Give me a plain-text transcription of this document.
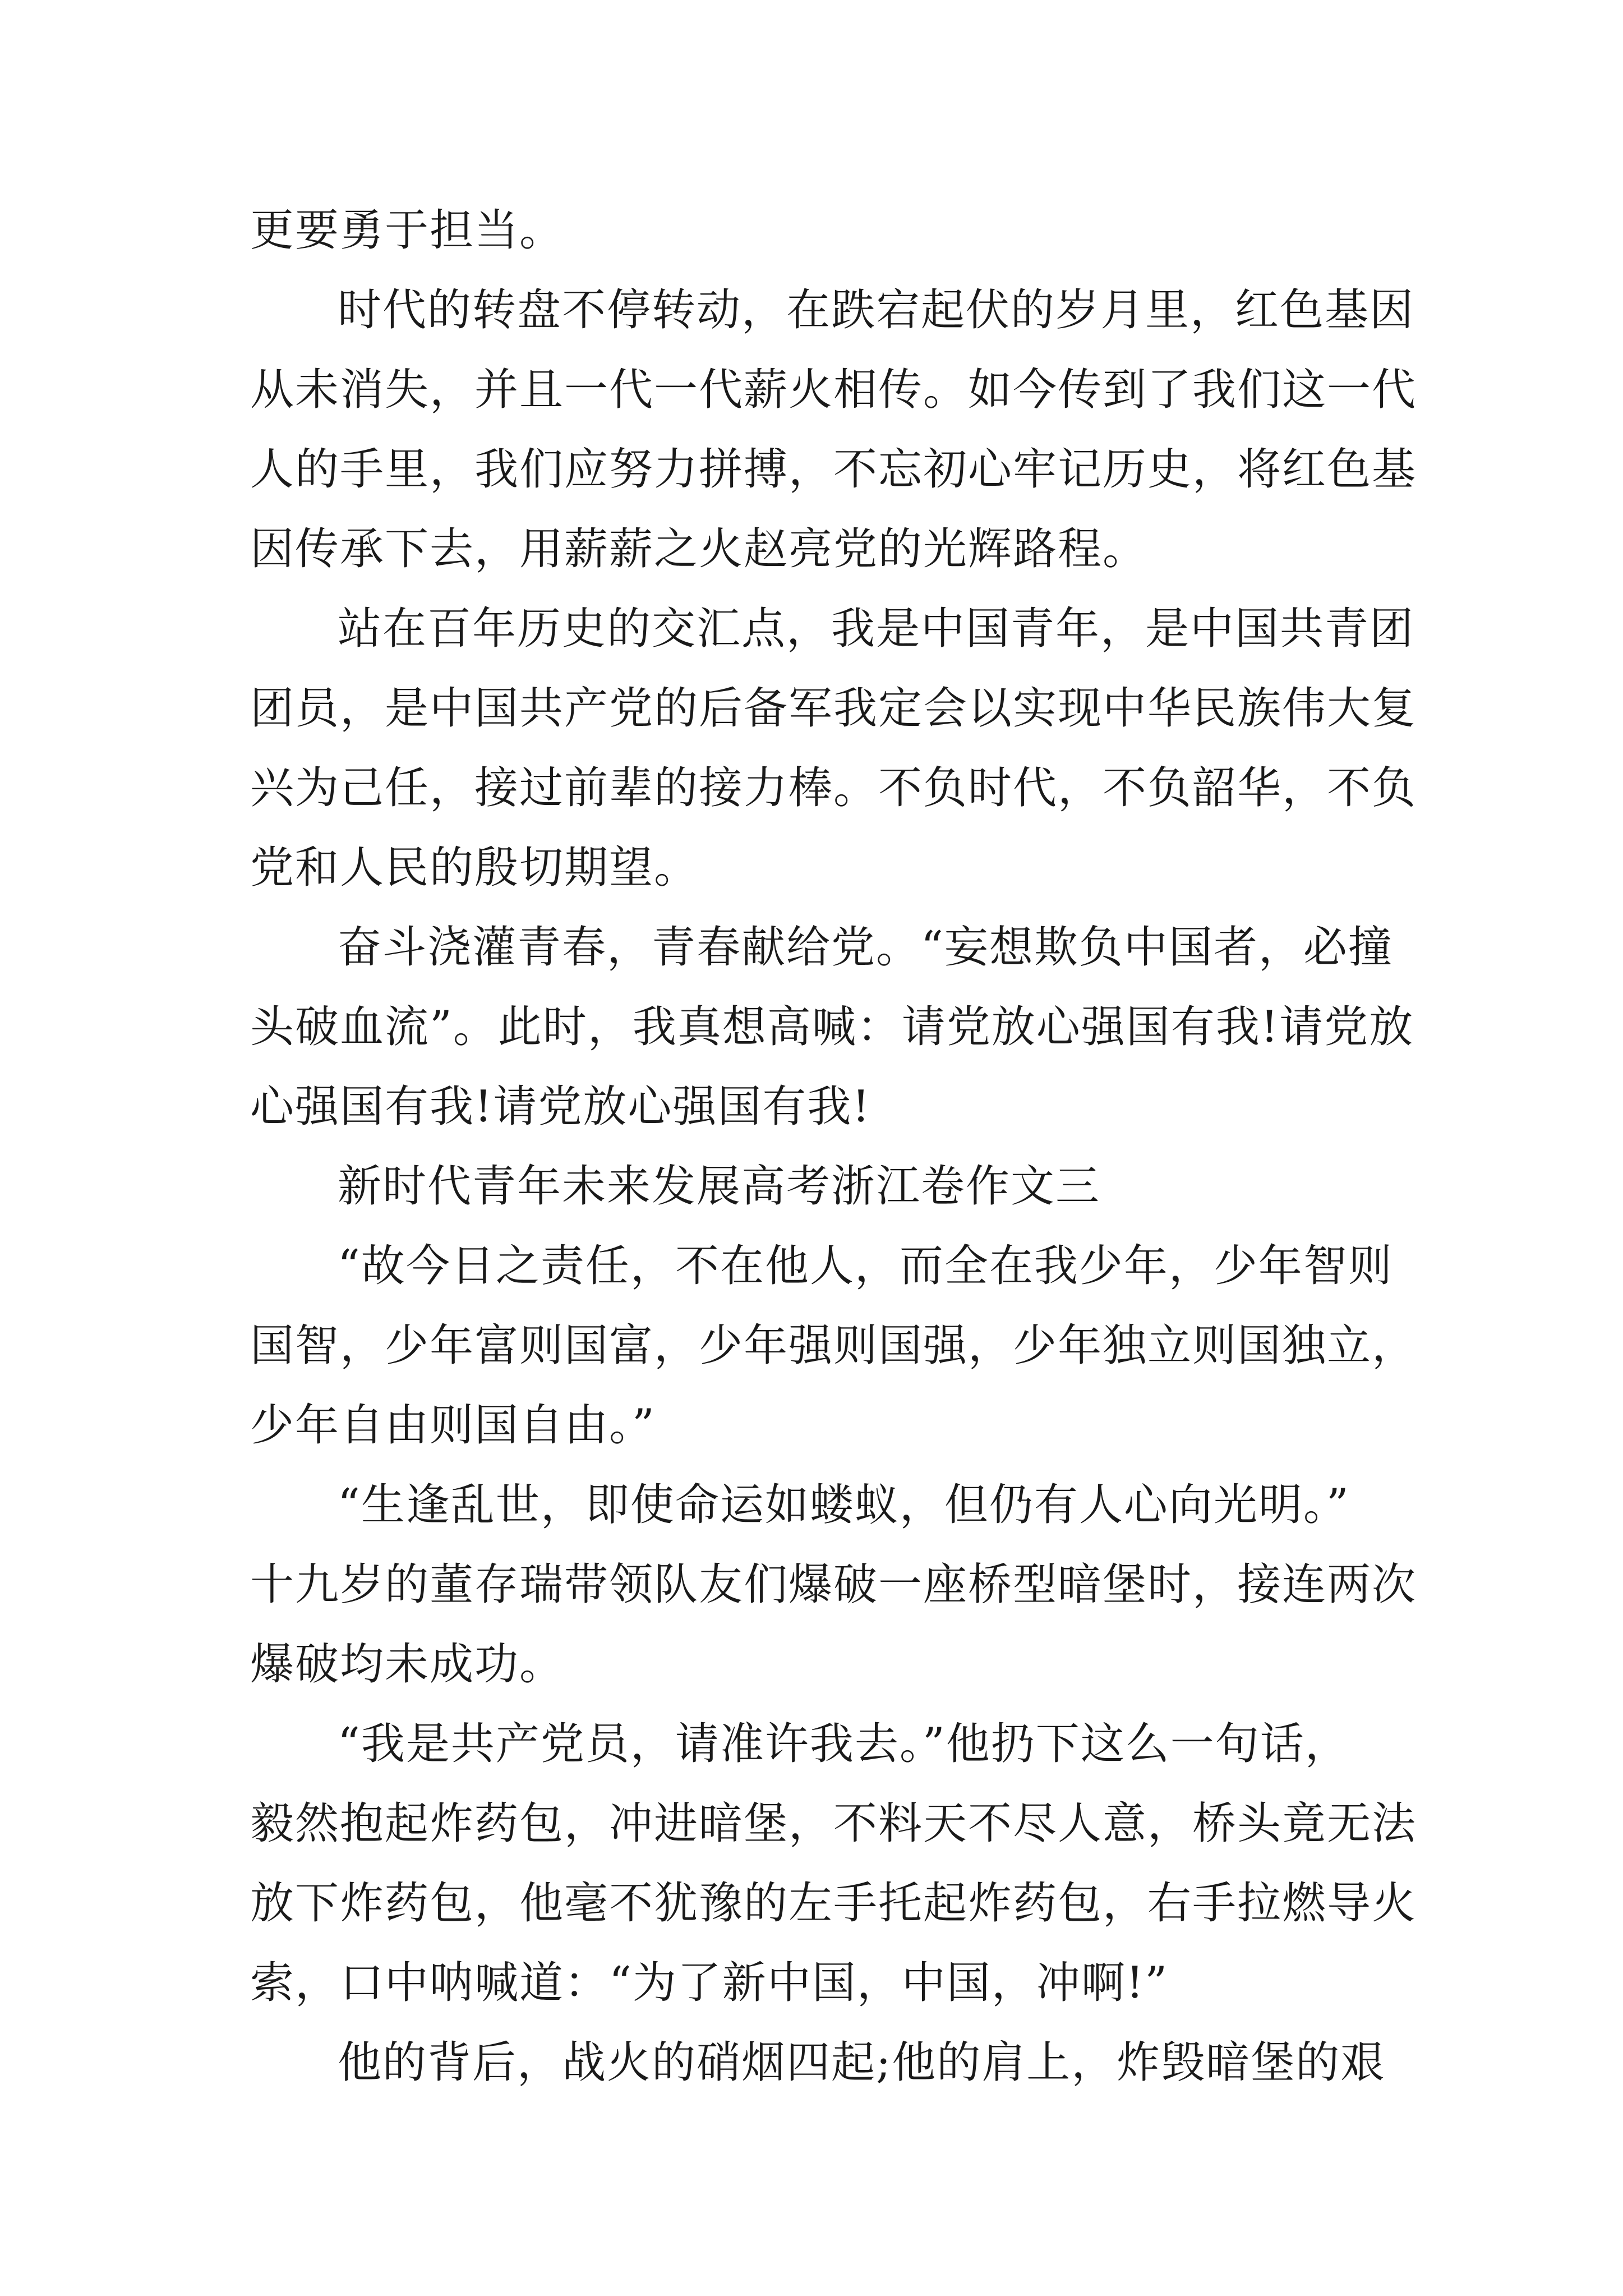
更要勇于担当。
时代的转盘不停转动，在跌宕起伏的岁月里，红色基因
从未消失，并且一代一代薪火相传。如今传到了我们这一代
人的手里，我们应努力拼搏，不忘初心牢记历史，将红色基
因传承下去，用薪薪之火赵亮党的光辉路程。
站在百年历史的交汇点，我是中国青年，是中国共青团
团员，是中国共产党的后备军我定会以实现中华民族伟大复
兴为己任，接过前辈的接力棒。不负时代，不负韶华，不负
党和人民的殷切期望。
奋斗浇灌青春，青春献给党。“妄想欺负中国者，必撞
头破血流”。此时，我真想高喊：请党放心强国有我!请党放
心强国有我!请党放心强国有我!
新时代青年未来发展高考浙江卷作文三
“故今日之责任，不在他人，而全在我少年，少年智则
国智，少年富则国富，少年强则国强，少年独立则国独立，
少年自由则国自由。”
“生逢乱世，即使命运如蝼蚁，但仍有人心向光明。”
十九岁的董存瑞带领队友们爆破一座桥型暗堡时，接连两次
爆破均未成功。
“我是共产党员，请准许我去。”他扔下这么一句话，
毅然抱起炸药包，冲进暗堡，不料天不尽人意，桥头竟无法
放下炸药包，他毫不犹豫的左手托起炸药包，右手拉燃导火
索，口中呐喊道：“为了新中国，中国，冲啊!”
他的背后，战火的硝烟四起;他的肩上，炸毁暗堡的艰
